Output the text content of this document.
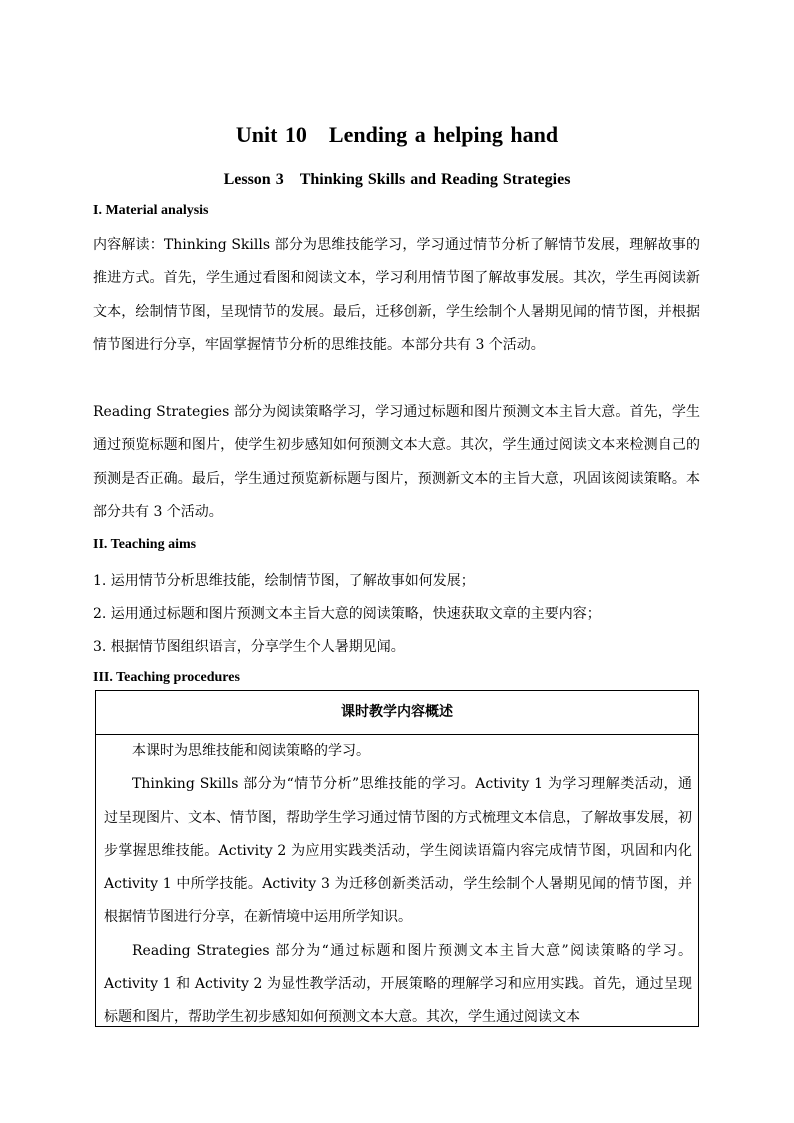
Unit 10　Lending a helping hand
Lesson 3　Thinking Skills and Reading Strategies
I. Material analysis
内容解读：Thinking Skills 部分为思维技能学习，学习通过情节分析了解情节发展，理解故事的推进方式。首先，学生通过看图和阅读文本，学习利用情节图了解故事发展。其次，学生再阅读新文本，绘制情节图，呈现情节的发展。最后，迁移创新，学生绘制个人暑期见闻的情节图，并根据情节图进行分享，牢固掌握情节分析的思维技能。本部分共有 3 个活动。
Reading Strategies 部分为阅读策略学习，学习通过标题和图片预测文本主旨大意。首先，学生通过预览标题和图片，使学生初步感知如何预测文本大意。其次，学生通过阅读文本来检测自己的预测是否正确。最后，学生通过预览新标题与图片，预测新文本的主旨大意，巩固该阅读策略。本部分共有 3 个活动。
II. Teaching aims
1. 运用情节分析思维技能，绘制情节图，了解故事如何发展；
2. 运用通过标题和图片预测文本主旨大意的阅读策略，快速获取文章的主要内容；
3. 根据情节图组织语言，分享学生个人暑期见闻。
III. Teaching procedures
课时教学内容概述

本课时为思维技能和阅读策略的学习。

Thinking Skills 部分为“情节分析”思维技能的学习。Activity 1 为学习理解类活动，通过呈现图片、文本、情节图，帮助学生学习通过情节图的方式梳理文本信息，了解故事发展，初步掌握思维技能。Activity 2 为应用实践类活动，学生阅读语篇内容完成情节图，巩固和内化 Activity 1 中所学技能。Activity 3 为迁移创新类活动，学生绘制个人暑期见闻的情节图，并根据情节图进行分享，在新情境中运用所学知识。

Reading Strategies 部分为“通过标题和图片预测文本主旨大意”阅读策略的学习。Activity 1 和 Activity 2 为显性教学活动，开展策略的理解学习和应用实践。首先，通过呈现标题和图片，帮助学生初步感知如何预测文本大意。其次，学生通过阅读文本
